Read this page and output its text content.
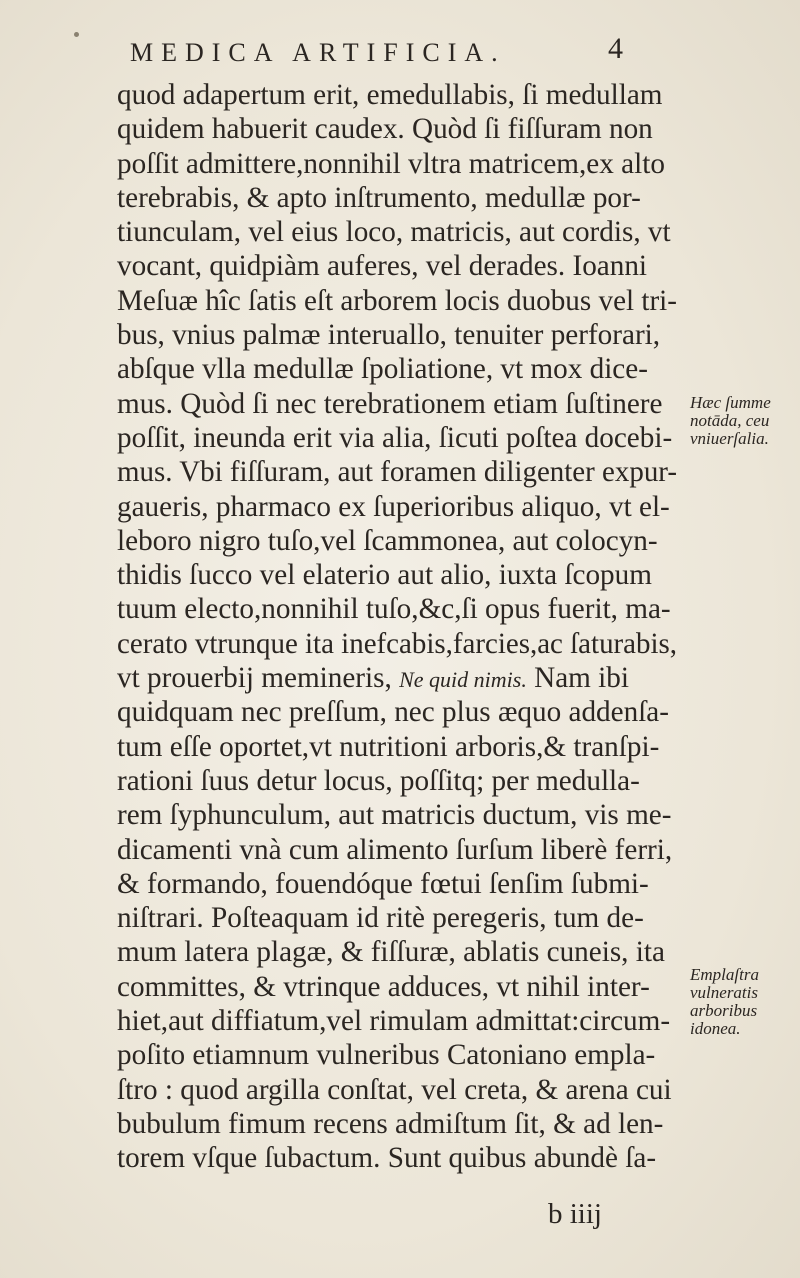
MEDICA ARTIFICIA.	4
quod adapertum erit, emedullabis, ſi medullam
quidem habuerit caudex. Quòd ſi fiſſuram non
poſſit admittere,nonnihil vltra matricem,ex alto
terebrabis, & apto inſtrumento, medullæ por-
tiunculam, vel eius loco, matricis, aut cordis, vt
vocant, quidpiàm auferes, vel derades. Ioanni
Meſuæ hîc ſatis eſt arborem locis duobus vel tri-
bus, vnius palmæ interuallo, tenuiter perforari,
abſque vlla medullæ ſpoliatione, vt mox dice-
mus. Quòd ſi nec terebrationem etiam ſuſtinere
poſſit, ineunda erit via alia, ſicuti poſtea docebi-
mus. Vbi fiſſuram, aut foramen diligenter expur-
gaueris, pharmaco ex ſuperioribus aliquo, vt el-
leboro nigro tuſo,vel ſcammonea, aut colocyn-
thidis ſucco vel elaterio aut alio, iuxta ſcopum
tuum electo,nonnihil tuſo,&c,ſi opus fuerit, ma-
cerato vtrunque ita inefcabis,farcies,ac ſaturabis,
vt prouerbij memineris, Ne quid nimis. Nam ibi
quidquam nec preſſum, nec plus æquo addenſa-
tum eſſe oportet,vt nutritioni arboris,& tranſpi-
rationi ſuus detur locus, poſſitq; per medulla-
rem ſyphunculum, aut matricis ductum, vis me-
dicamenti vnà cum alimento ſurſum liberè ferri,
& formando, fouendóque fœtui ſenſim ſubmi-
niſtrari. Poſteaquam id ritè peregeris, tum de-
mum latera plagæ, & fiſſuræ, ablatis cuneis, ita
committes, & vtrinque adduces, vt nihil inter-
hiet,aut diffiatum,vel rimulam admittat:circum-
poſito etiamnum vulneribus Catoniano empla-
ſtro : quod argilla conſtat, vel creta, & arena cui
bubulum fimum recens admiſtum ſit, & ad len-
torem vſque ſubactum. Sunt quibus abundè ſa-
Hæc ſumme
notāda, ceu
vniuerſalia.
Emplaſtra
vulneratis
arboribus
idonea.
b iiij
